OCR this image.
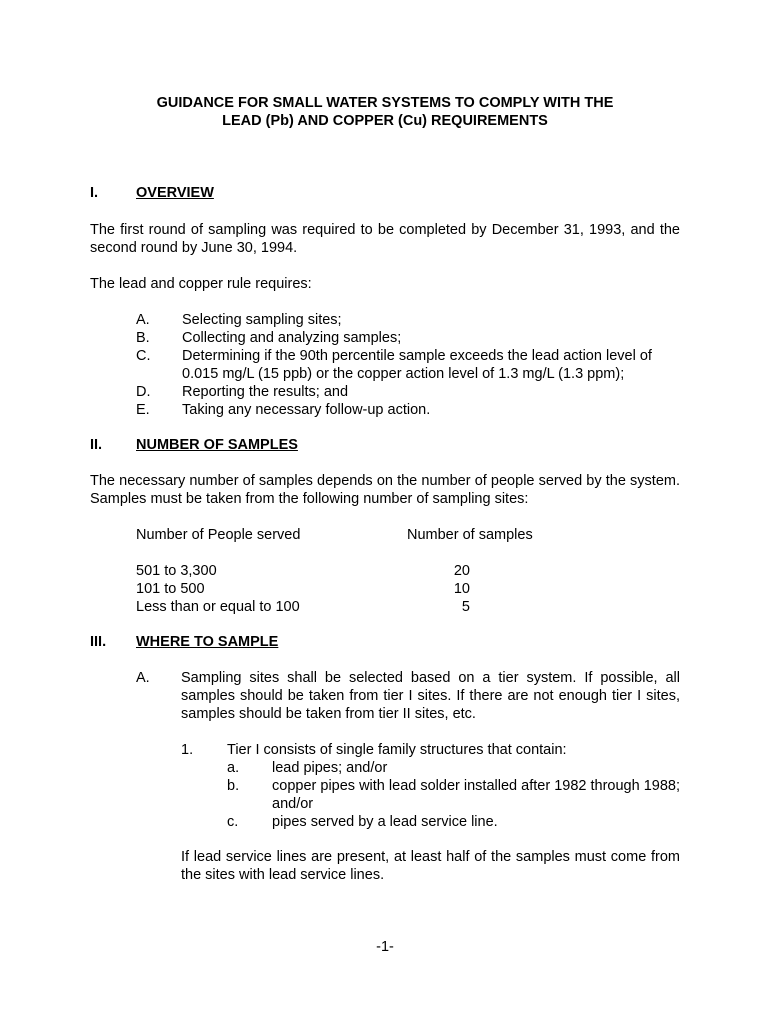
GUIDANCE FOR SMALL WATER SYSTEMS TO COMPLY WITH THE
LEAD (Pb) AND COPPER (Cu) REQUIREMENTS
I.	OVERVIEW
The first round of sampling was required to be completed by December 31, 1993, and the second round by June 30, 1994.
The lead and copper rule requires:
A. Selecting sampling sites;
B. Collecting and analyzing samples;
C. Determining if the 90th percentile sample exceeds the lead action level of
0.015 mg/L (15 ppb) or the copper action level of 1.3 mg/L (1.3 ppm);
D. Reporting the results; and
E. Taking any necessary follow-up action.
II. NUMBER OF SAMPLES
The necessary number of samples depends on the number of people served by the system. Samples must be taken from the following number of sampling sites:
Number of People served	Number of samples
501 to 3,300	20
101 to 500	10
Less than or equal to 100	5
III. WHERE TO SAMPLE
A. Sampling sites shall be selected based on a tier system. If possible, all samples should be taken from tier I sites. If there are not enough tier I sites, samples should be taken from tier II sites, etc.
1. Tier I consists of single family structures that contain:
a. lead pipes; and/or
b. copper pipes with lead solder installed after 1982 through 1988; and/or
c. pipes served by a lead service line.
If lead service lines are present, at least half of the samples must come from the sites with lead service lines.
-1-
